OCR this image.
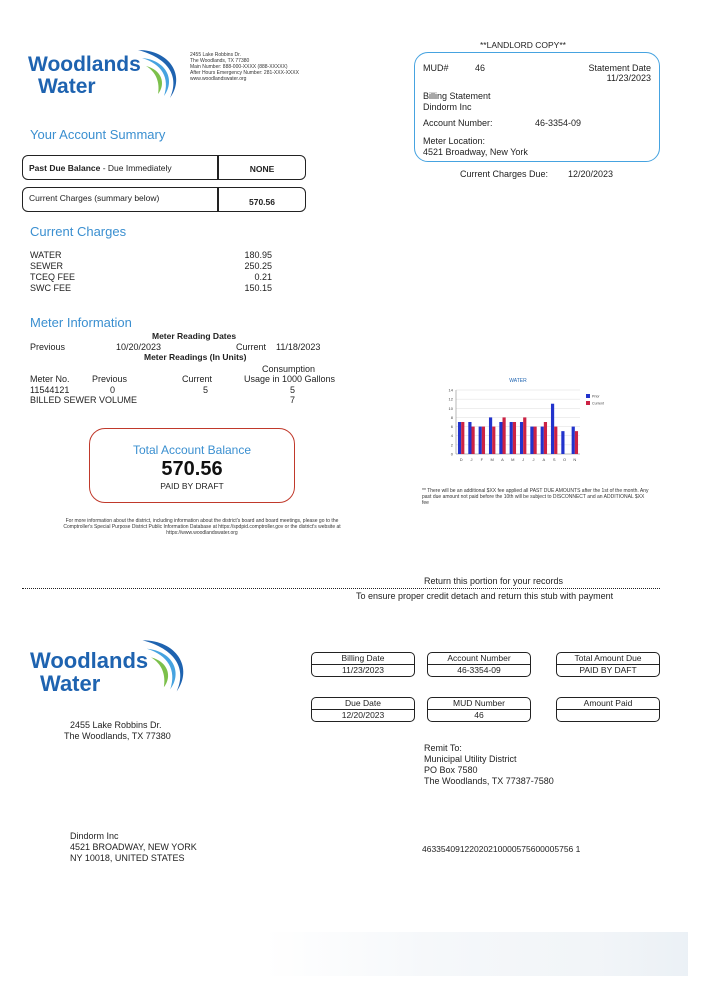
Woodlands
Water
2455 Lake Robbins Dr.
The Woodlands, TX 77380
Main Number: 888-000-XXXX (888-XXXXX)
After Hours Emergency Number: 281-XXX-XXXX
www.woodlandswater.org
**LANDLORD COPY**
MUD#	46	Statement Date
11/23/2023
Billing Statement
Dindorm Inc
Account Number:	46-3354-09
Meter Location:
4521 Broadway, New York
Current Charges Due: 12/20/2023
Your Account Summary
Past Due Balance - Due Immediately	NONE
Current Charges (summary below)	570.56
Current Charges
WATER	180.95
SEWER	250.25
TCEQ FEE	0.21
SWC FEE	150.15
Meter Information
Meter Reading Dates
Previous	10/20/2023	Current 11/18/2023
Meter Readings (In Units)
Consumption
Meter No. Previous	Current	Usage in 1000 Gallons
11544121	0	5	5
BILLED SEWER VOLUME	7
Total Account Balance
570.56
PAID BY DRAFT
For more information about the district, including information about the district's board and board meetings, please go to the Comptroller's Special Purpose District Public Information Database at https://spdpid.comptroller.gov or the district's website at https://www.woodlandswater.org
WATER
0
2
4
6
8
10
12
14
D J F M A M J J A S O N
Prior
Current
** There will be an additional $XX fee applied all PAST DUE AMOUNTS after the 1st of the month. Any past due amount not paid before the 10th will be subject to DISCONNECT and an ADDITIONAL $XX fee
Return this portion for your records
To ensure proper credit detach and return this stub with payment
Woodlands
Water
2455 Lake Robbins Dr.
The Woodlands, TX 77380
Billing Date
11/23/2023
Account Number
46-3354-09
Total Amount Due
PAID BY DAFT
Due Date
12/20/2023
MUD Number
46
Amount Paid
Remit To:
Municipal Utility District
PO Box 7580
The Woodlands, TX 77387-7580
Dindorm Inc
4521 BROADWAY, NEW YORK
NY 10018, UNITED STATES
46335409122020210000575600005756 1
